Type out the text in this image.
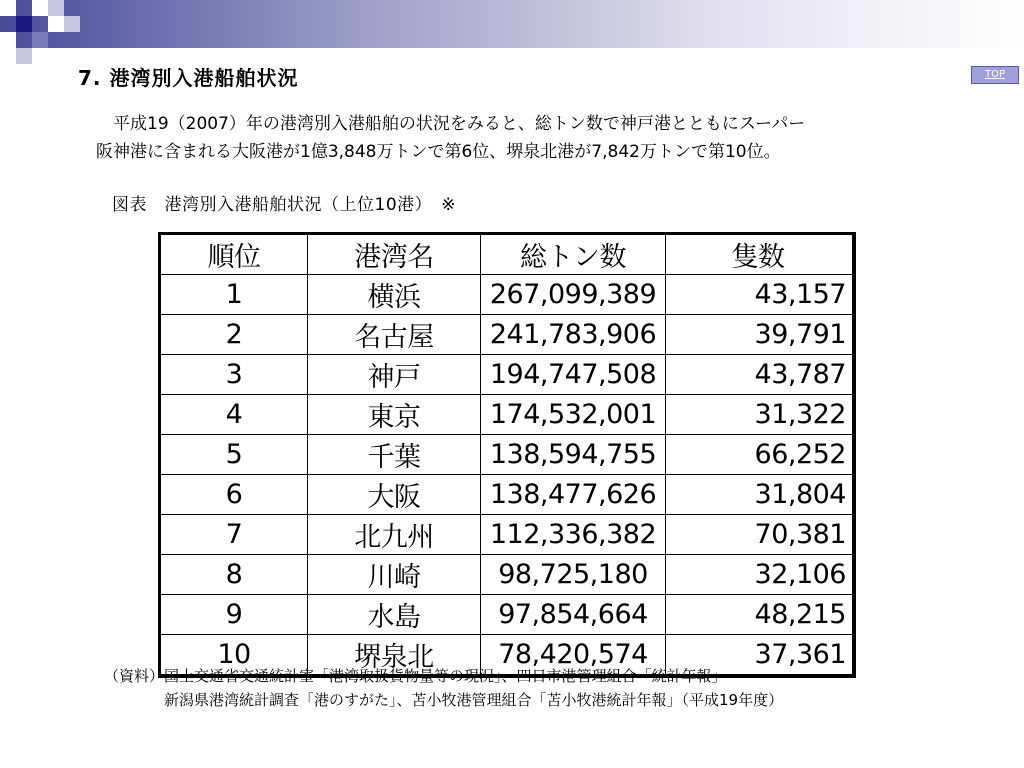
7. 港湾別入港船舶状況	TOP
平成19（2007）年の港湾別入港船舶の状況をみると、総トン数で神戸港とともにスーパー
阪神港に含まれる大阪港が1億3,848万トンで第6位、堺泉北港が7,842万トンで第10位。
図表　港湾別入港船舶状況（上位10港）　※
順位	港湾名	総トン数	隻数
1	横浜	267,099,389	43,157
2	名古屋	241,783,906	39,791
3	神戸	194,747,508	43,787
4	東京	174,532,001	31,322
5	千葉	138,594,755	66,252
6	大阪	138,477,626	31,804
7	北九州	112,336,382	70,381
8	川崎	98,725,180	32,106
9	水島	97,854,664	48,215
10	堺泉北	78,420,574	37,361
（資料）国土交通省交通統計室「港湾取扱貨物量等の現況」、四日市港管理組合「統計年報」
新潟県港湾統計調査「港のすがた」、苫小牧港管理組合「苫小牧港統計年報」（平成19年度）
